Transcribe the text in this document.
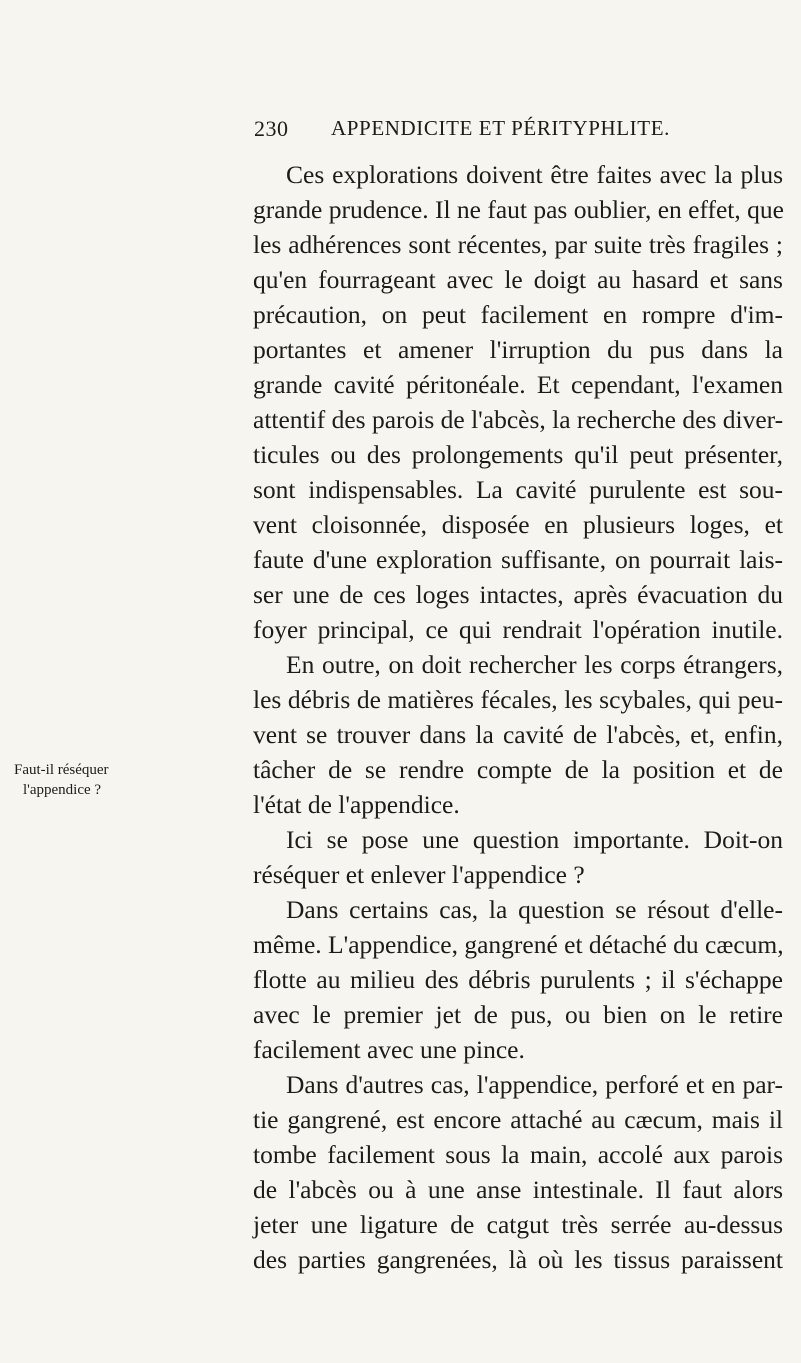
230 APPENDICITE ET PÉRITYPHLITE.
Faut-il réséquer
l'appendice ?
Ces explorations doivent être faites avec la plus
grande prudence. Il ne faut pas oublier, en effet, que
les adhérences sont récentes, par suite très fragiles ;
qu'en fourrageant avec le doigt au hasard et sans
précaution, on peut facilement en rompre d'im-
portantes et amener l'irruption du pus dans la
grande cavité péritonéale. Et cependant, l'examen
attentif des parois de l'abcès, la recherche des diver-
ticules ou des prolongements qu'il peut présenter,
sont indispensables. La cavité purulente est sou-
vent cloisonnée, disposée en plusieurs loges, et
faute d'une exploration suffisante, on pourrait lais-
ser une de ces loges intactes, après évacuation du
foyer principal, ce qui rendrait l'opération inutile.
En outre, on doit rechercher les corps étrangers,
les débris de matières fécales, les scybales, qui peu-
vent se trouver dans la cavité de l'abcès, et, enfin,
tâcher de se rendre compte de la position et de
l'état de l'appendice.
Ici se pose une question importante. Doit-on
réséquer et enlever l'appendice ?
Dans certains cas, la question se résout d'elle-
même. L'appendice, gangrené et détaché du cæcum,
flotte au milieu des débris purulents ; il s'échappe
avec le premier jet de pus, ou bien on le retire
facilement avec une pince.
Dans d'autres cas, l'appendice, perforé et en par-
tie gangrené, est encore attaché au cæcum, mais il
tombe facilement sous la main, accolé aux parois
de l'abcès ou à une anse intestinale. Il faut alors
jeter une ligature de catgut très serrée au-dessus
des parties gangrenées, là où les tissus paraissent
